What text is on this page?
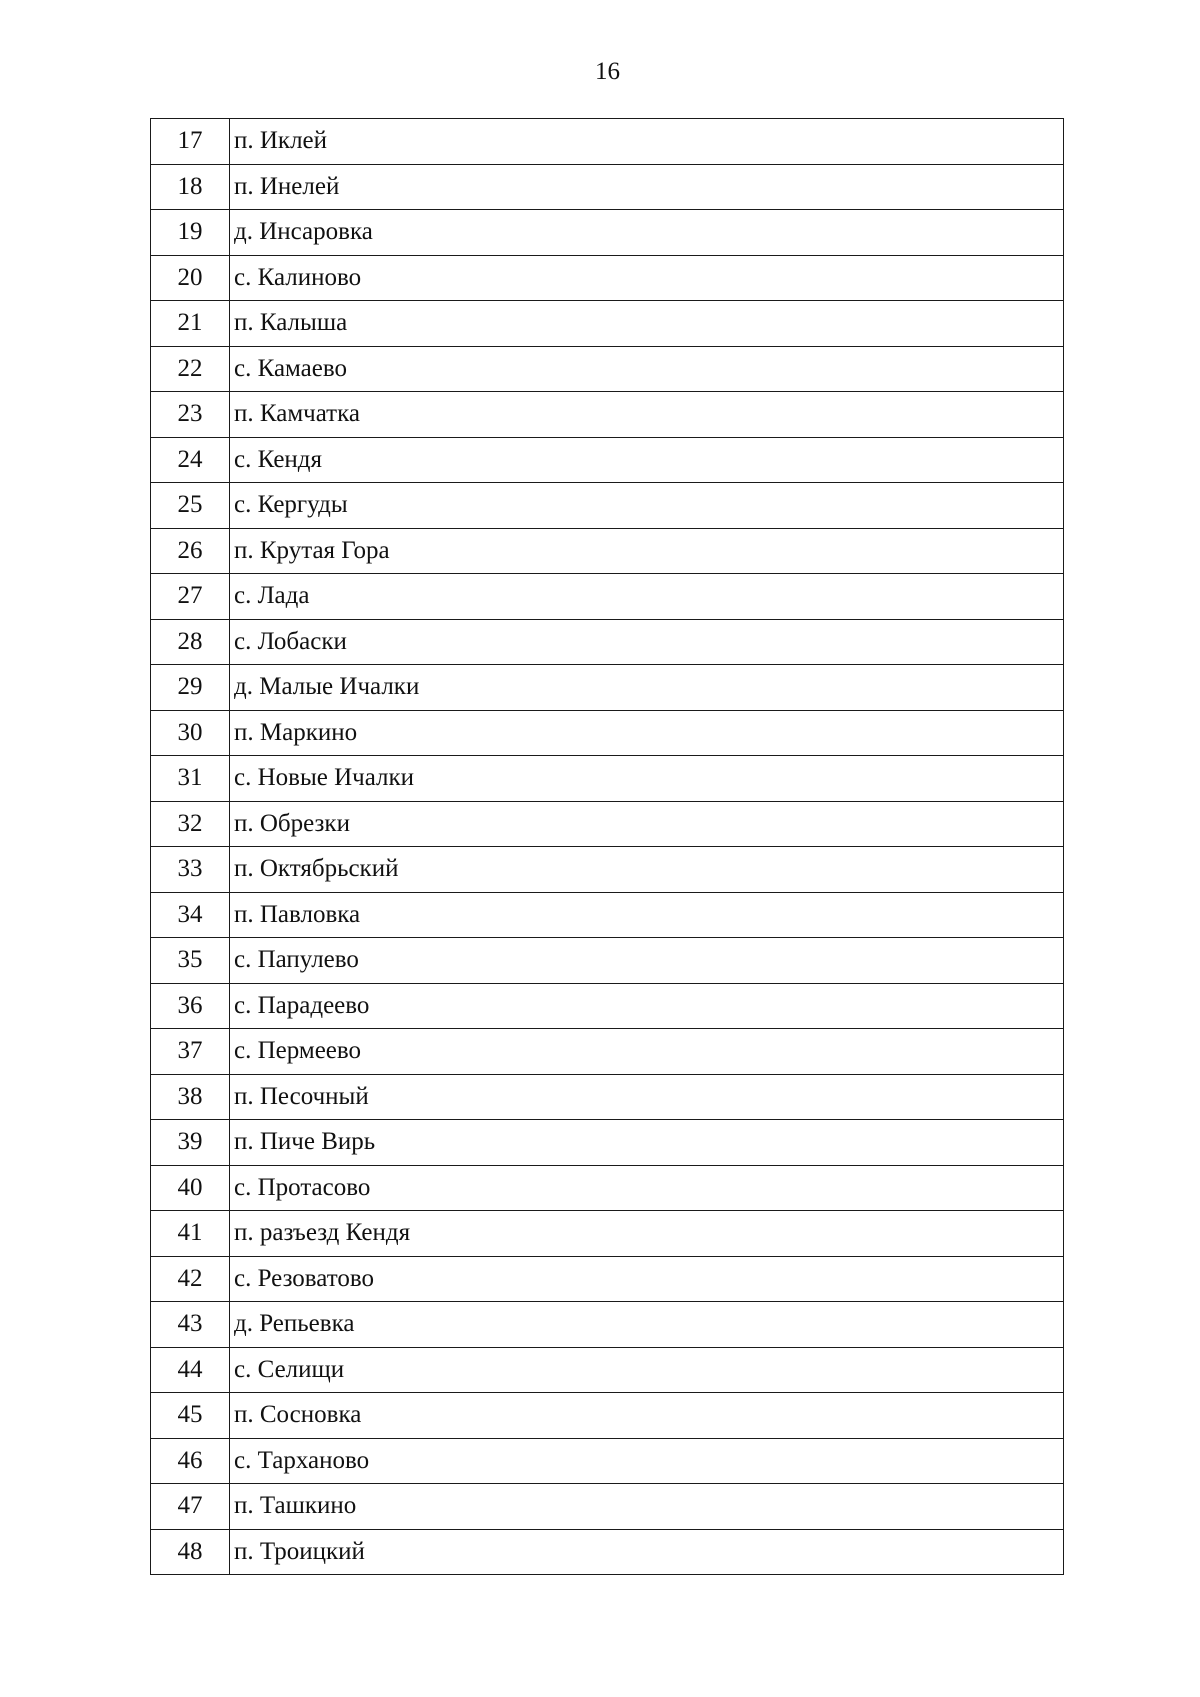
16
17	п. Иклей
18	п. Инелей
19	д. Инсаровка
20	с. Калиново
21	п. Калыша
22	с. Камаево
23	п. Камчатка
24	с. Кендя
25	с. Кергуды
26	п. Крутая Гора
27	с. Лада
28	с. Лобаски
29	д. Малые Ичалки
30	п. Маркино
31	с. Новые Ичалки
32	п. Обрезки
33	п. Октябрьский
34	п. Павловка
35	с. Папулево
36	с. Парадеево
37	с. Пермеево
38	п. Песочный
39	п. Пиче Вирь
40	с. Протасово
41	п. разъезд Кендя
42	с. Резоватово
43	д. Репьевка
44	с. Селищи
45	п. Сосновка
46	с. Тарханово
47	п. Ташкино
48	п. Троицкий
